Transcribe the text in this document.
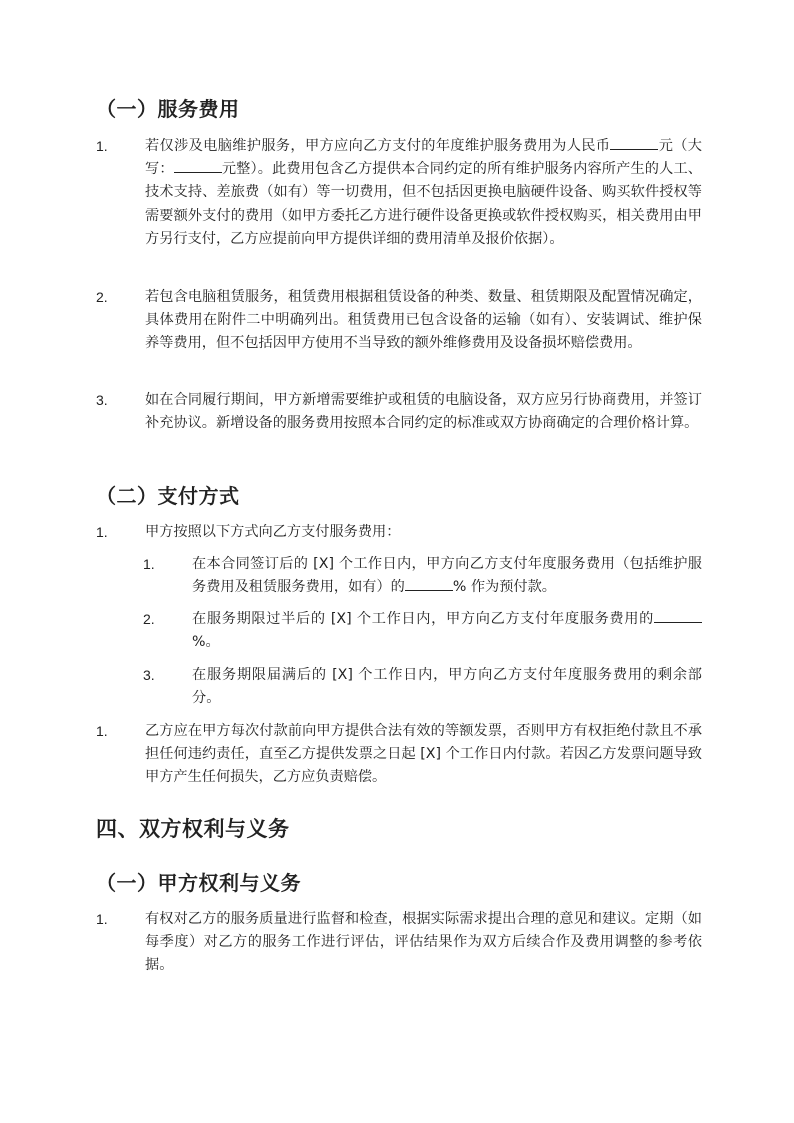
（一）服务费用
1.	若仅涉及电脑维护服务，甲方应向乙方支付的年度维护服务费用为人民币	元（大写：	元整）。此费用包含乙方提供本合同约定的所有维护服务内容所产生的人工、技术支持、差旅费（如有）等一切费用，但不包括因更换电脑硬件设备、购买软件授权等需要额外支付的费用（如甲方委托乙方进行硬件设备更换或软件授权购买，相关费用由甲方另行支付，乙方应提前向甲方提供详细的费用清单及报价依据）。
2.	若包含电脑租赁服务，租赁费用根据租赁设备的种类、数量、租赁期限及配置情况确定，具体费用在附件二中明确列出。租赁费用已包含设备的运输（如有）、安装调试、维护保养等费用，但不包括因甲方使用不当导致的额外维修费用及设备损坏赔偿费用。
3.	如在合同履行期间，甲方新增需要维护或租赁的电脑设备，双方应另行协商费用，并签订补充协议。新增设备的服务费用按照本合同约定的标准或双方协商确定的合理价格计算。
（二）支付方式
1.	甲方按照以下方式向乙方支付服务费用：
1.	在本合同签订后的 [X] 个工作日内，甲方向乙方支付年度服务费用（包括维护服务费用及租赁服务费用，如有）的	% 作为预付款。
2.	在服务期限过半后的 [X] 个工作日内，甲方向乙方支付年度服务费用的%。
3.	在服务期限届满后的 [X] 个工作日内，甲方向乙方支付年度服务费用的剩余部分。
1.	乙方应在甲方每次付款前向甲方提供合法有效的等额发票，否则甲方有权拒绝付款且不承担任何违约责任，直至乙方提供发票之日起 [X] 个工作日内付款。若因乙方发票问题导致甲方产生任何损失，乙方应负责赔偿。
四、双方权利与义务
（一）甲方权利与义务
1.	有权对乙方的服务质量进行监督和检查，根据实际需求提出合理的意见和建议。定期（如每季度）对乙方的服务工作进行评估，评估结果作为双方后续合作及费用调整的参考依据。
